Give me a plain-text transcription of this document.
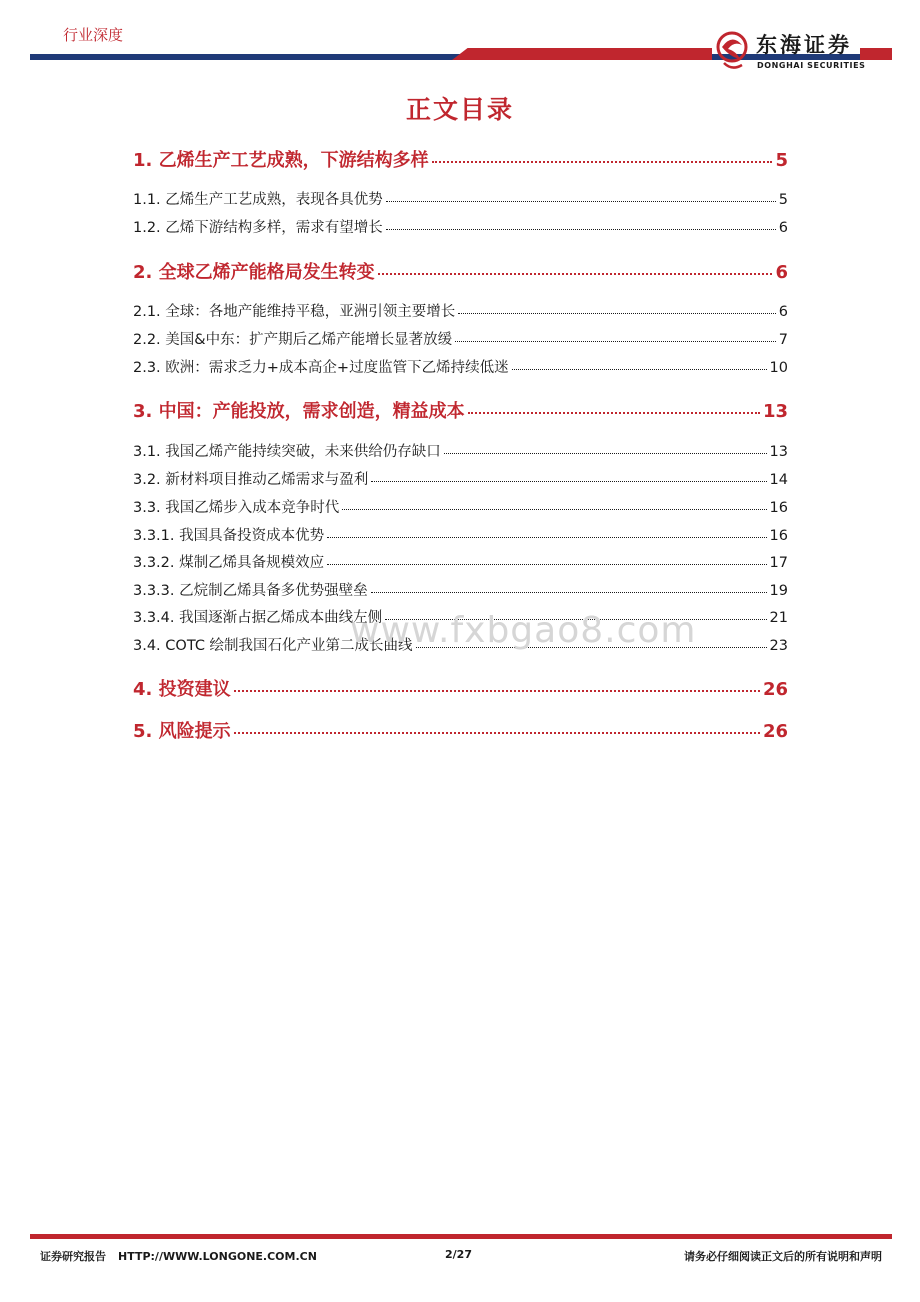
行业深度	东海证券
DONGHAI SECURITIES
正文目录
1. 乙烯生产工艺成熟，下游结构多样	5
1.1. 乙烯生产工艺成熟，表现各具优势	5
1.2. 乙烯下游结构多样，需求有望增长	6
2. 全球乙烯产能格局发生转变	6
2.1. 全球：各地产能维持平稳，亚洲引领主要增长	6
2.2. 美国&中东：扩产期后乙烯产能增长显著放缓	7
2.3. 欧洲：需求乏力+成本高企+过度监管下乙烯持续低迷	10
3. 中国：产能投放，需求创造，精益成本	13
3.1. 我国乙烯产能持续突破，未来供给仍存缺口	13
3.2. 新材料项目推动乙烯需求与盈利	14
3.3. 我国乙烯步入成本竞争时代	16
3.3.1. 我国具备投资成本优势	16
3.3.2. 煤制乙烯具备规模效应	17
3.3.3. 乙烷制乙烯具备多优势强壁垒	19
3.3.4. 我国逐渐占据乙烯成本曲线左侧	21
3.4. COTC 绘制我国石化产业第二成长曲线	23
4. 投资建议	26
5. 风险提示	26
www.fxbgao8.com
证券研究报告 HTTP://WWW.LONGONE.COM.CN	2/27	请务必仔细阅读正文后的所有说明和声明
